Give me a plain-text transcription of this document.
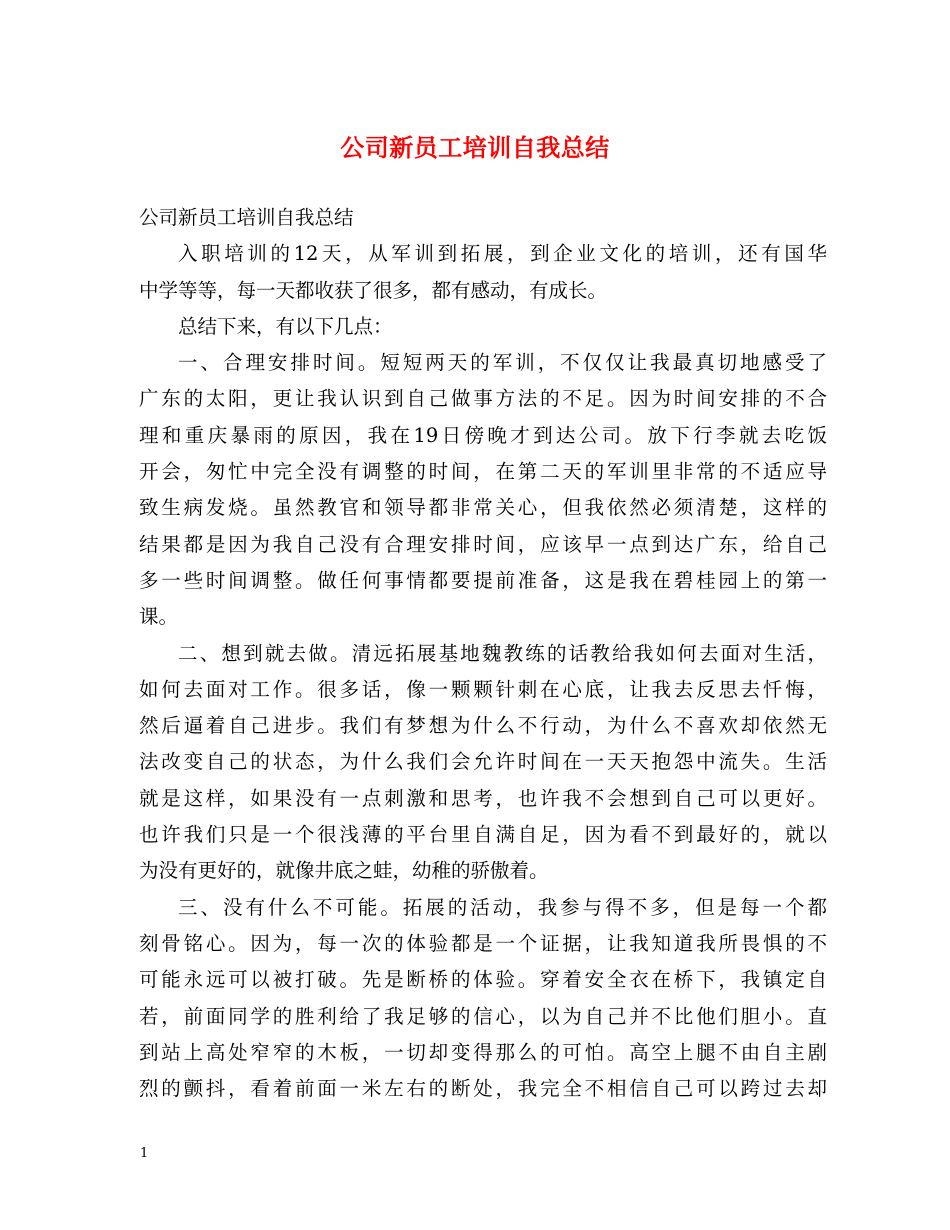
公司新员工培训自我总结
公司新员工培训自我总结
入职培训的12天，从军训到拓展，到企业文化的培训，还有国华
中学等等，每一天都收获了很多，都有感动，有成长。
总结下来，有以下几点：
一、合理安排时间。短短两天的军训，不仅仅让我最真切地感受了
广东的太阳，更让我认识到自己做事方法的不足。因为时间安排的不合
理和重庆暴雨的原因，我在19日傍晚才到达公司。放下行李就去吃饭
开会，匆忙中完全没有调整的时间，在第二天的军训里非常的不适应导
致生病发烧。虽然教官和领导都非常关心，但我依然必须清楚，这样的
结果都是因为我自己没有合理安排时间，应该早一点到达广东，给自己
多一些时间调整。做任何事情都要提前准备，这是我在碧桂园上的第一
课。
二、想到就去做。清远拓展基地魏教练的话教给我如何去面对生活，
如何去面对工作。很多话，像一颗颗针刺在心底，让我去反思去忏悔，
然后逼着自己进步。我们有梦想为什么不行动，为什么不喜欢却依然无
法改变自己的状态，为什么我们会允许时间在一天天抱怨中流失。生活
就是这样，如果没有一点刺激和思考，也许我不会想到自己可以更好。
也许我们只是一个很浅薄的平台里自满自足，因为看不到最好的，就以
为没有更好的，就像井底之蛙，幼稚的骄傲着。
三、没有什么不可能。拓展的活动，我参与得不多，但是每一个都
刻骨铭心。因为，每一次的体验都是一个证据，让我知道我所畏惧的不
可能永远可以被打破。先是断桥的体验。穿着安全衣在桥下，我镇定自
若，前面同学的胜利给了我足够的信心，以为自己并不比他们胆小。直
到站上高处窄窄的木板，一切却变得那么的可怕。高空上腿不由自主剧
烈的颤抖，看着前面一米左右的断处，我完全不相信自己可以跨过去却
1
